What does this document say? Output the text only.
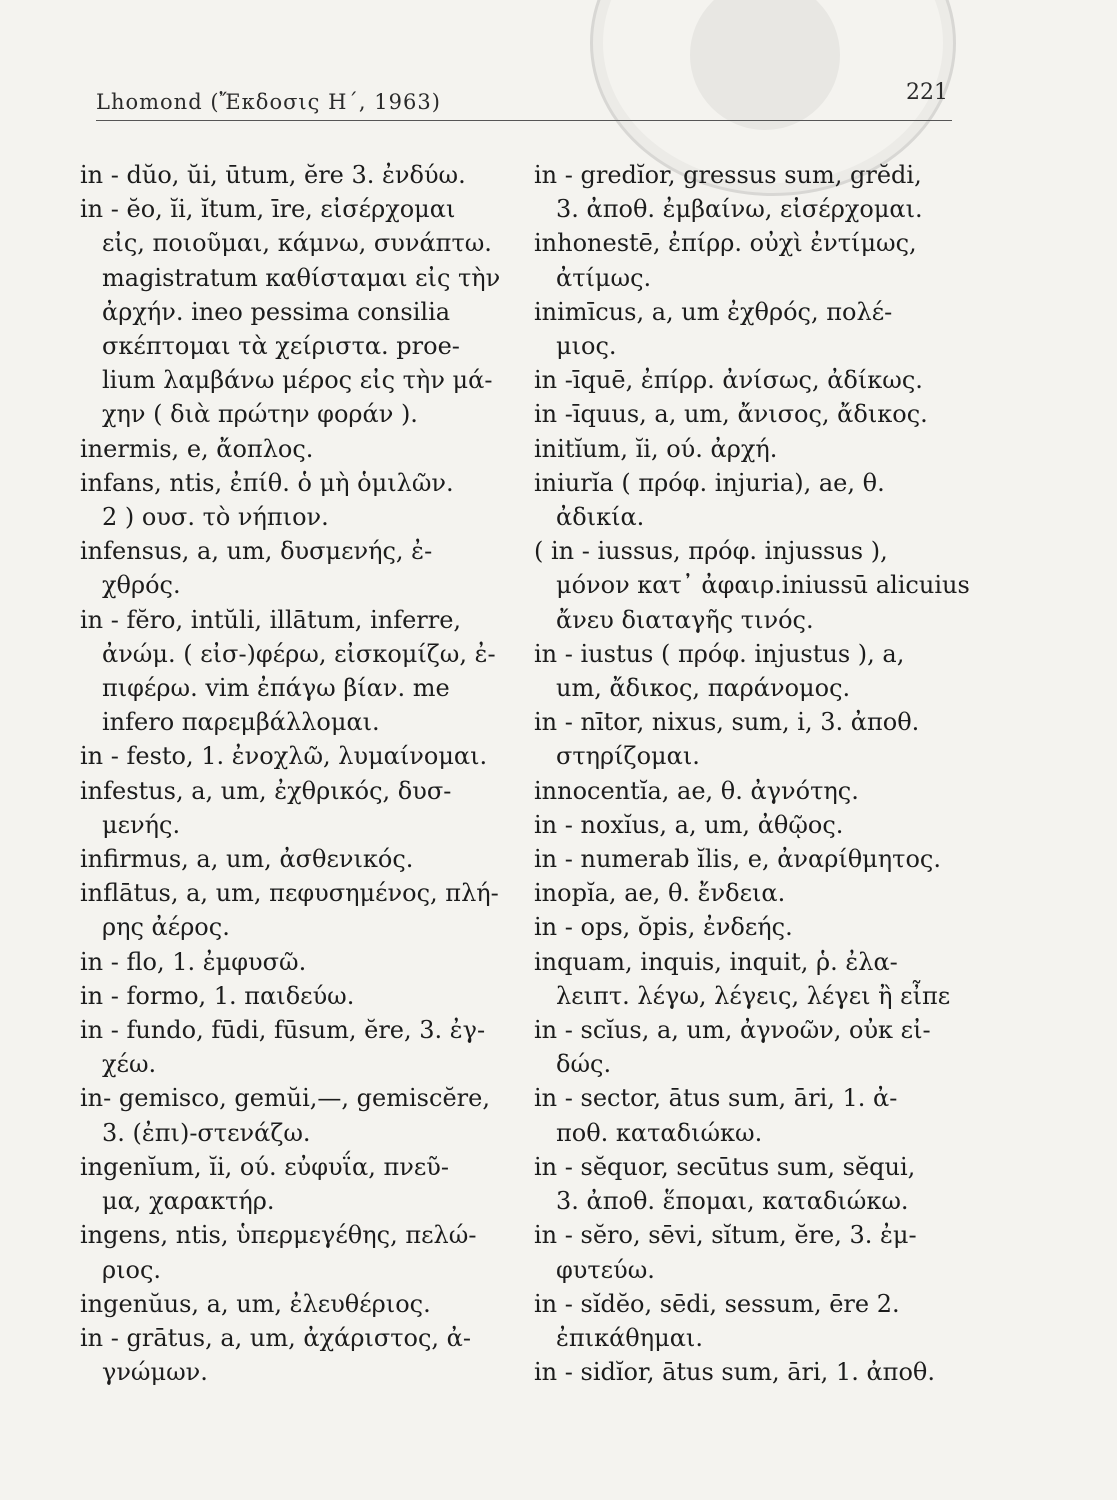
Lhomond (Ἔκδοσις Η΄, 1963)	221
in - dŭo, ŭi, ūtum, ĕre 3. ἐνδύω.
in - ĕo, ĭi, ĭtum, īre, εἰσέρχομαι
εἰς, ποιοῦμαι, κάμνω, συνάπτω.
magistratum καθίσταμαι εἰς τὴν
ἀρχήν. ineo pessima consilia
σκέπτομαι τὰ χείριστα. proe-
lium λαμβάνω μέρος εἰς τὴν μά-
χην ( διὰ πρώτην φοράν ).
inermis, e, ἄοπλος.
infans, ntis, ἐπίθ. ὁ μὴ ὁμιλῶν.
2 ) ουσ. τὸ νήπιον.
infensus, a, um, δυσμενής, ἐ-
χθρός.
in - fĕro, intŭli, illātum, inferre,
ἀνώμ. ( εἰσ-)φέρω, εἰσκομίζω, ἐ-
πιφέρω. vim ἐπάγω βίαν. me
infero παρεμβάλλομαι.
in - festo, 1. ἐνοχλῶ, λυμαίνομαι.
infestus, a, um, ἐχθρικός, δυσ-
μενής.
infirmus, a, um, ἀσθενικός.
inflātus, a, um, πεφυσημένος, πλή-
ρης ἀέρος.
in - flo, 1. ἐμφυσῶ.
in - formo, 1. παιδεύω.
in - fundo, fūdi, fūsum, ĕre, 3. ἐγ-
χέω.
in- gemisco, gemŭi,—, gemiscĕre,
3. (ἐπι)-στενάζω.
ingenĭum, ĭi, ού. εὐφυΐα, πνεῦ-
μα, χαρακτήρ.
ingens, ntis, ὑπερμεγέθης, πελώ-
ριος.
ingenŭus, a, um, ἐλευθέριος.
in - grātus, a, um, ἀχάριστος, ἀ-
γνώμων.
in - gredĭor, gressus sum, grĕdi,
3. ἀποθ. ἐμβαίνω, εἰσέρχομαι.
inhonestē, ἐπίρρ. οὐχὶ ἐντίμως,
ἀτίμως.
inimīcus, a, um ἐχθρός, πολέ-
μιος.
in -īquē, ἐπίρρ. ἀνίσως, ἀδίκως.
in -īquus, a, um, ἄνισος, ἄδικος.
initĭum, ĭi, ού. ἀρχή.
iniurĭa ( πρόφ. injuria), ae, θ.
ἀδικία.
( in - iussus, πρόφ. injussus ),
μόνον κατ᾽ ἀφαιρ.iniussū alicuius
ἄνευ διαταγῆς τινός.
in - iustus ( πρόφ. injustus ), a,
um, ἄδικος, παράνομος.
in - nītor, nixus, sum, i, 3. ἀποθ.
στηρίζομαι.
innocentĭa, ae, θ. ἀγνότης.
in - noxĭus, a, um, ἀθῷος.
in - numerab ĭlis, e, ἀναρίθμητος.
inopĭa, ae, θ. ἔνδεια.
in - ops, ŏpis, ἐνδεής.
inquam, inquis, inquit, ῥ. ἐλα-
λειπτ. λέγω, λέγεις, λέγει ἢ εἶπε
in - scĭus, a, um, ἀγνοῶν, οὐκ εἰ-
δώς.
in - sector, ātus sum, āri, 1. ἀ-
ποθ. καταδιώκω.
in - sĕquor, secūtus sum, sĕqui,
3. ἀποθ. ἕπομαι, καταδιώκω.
in - sĕro, sēvi, sĭtum, ĕre, 3. ἐμ-
φυτεύω.
in - sĭdĕo, sēdi, sessum, ēre 2.
ἐπικάθημαι.
in - sidĭor, ātus sum, āri, 1. ἀποθ.
